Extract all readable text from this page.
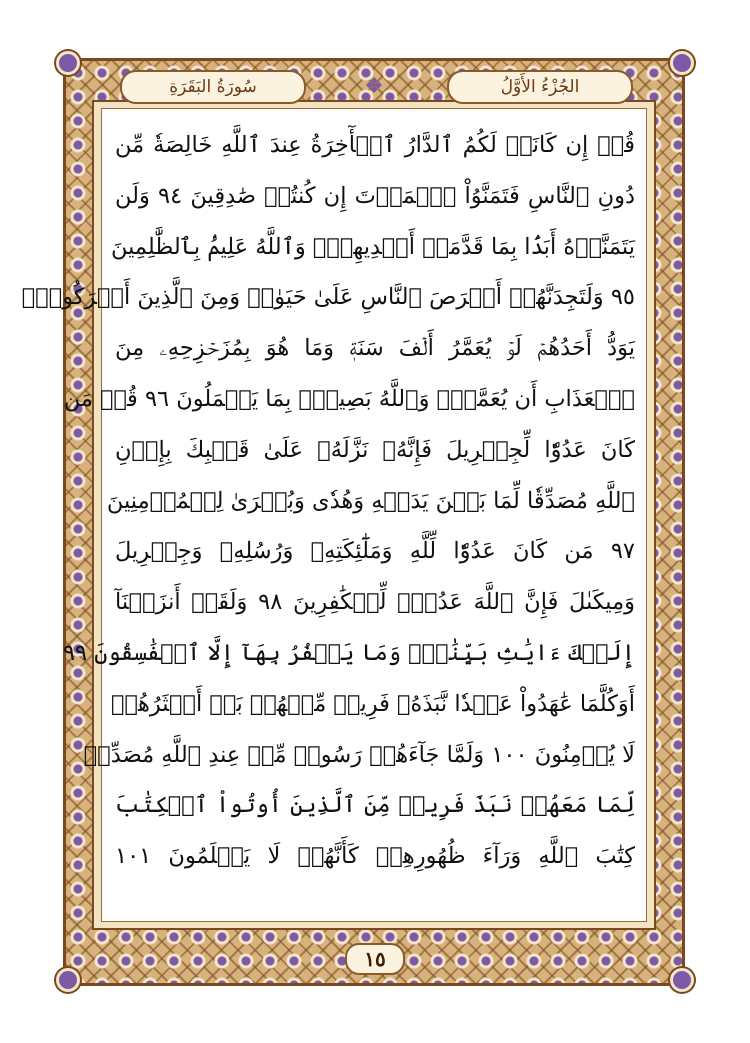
الجُزْءُ الأَوَّلُ
❖
سُورَةُ البَقَرَةِ
قُلۡ إِن كَانَتۡ لَكُمُ ٱلدَّارُ ٱلۡأٓخِرَةُ عِندَ ٱللَّهِ خَالِصَةٗ مِّن
دُونِ ٱلنَّاسِ فَتَمَنَّوُاْ ٱلۡمَوۡتَ إِن كُنتُمۡ صَٰدِقِينَ ٩٤ وَلَن
يَتَمَنَّوۡهُ أَبَدَۢا بِمَا قَدَّمَتۡ أَيۡدِيهِمۡۚ وَٱللَّهُ عَلِيمُۢ بِٱلظَّٰلِمِينَ
٩٥ وَلَتَجِدَنَّهُمۡ أَحۡرَصَ ٱلنَّاسِ عَلَىٰ حَيَوٰةٖ وَمِنَ ٱلَّذِينَ أَشۡرَكُواْۚ
يَوَدُّ أَحَدُهُمۡ لَوۡ يُعَمَّرُ أَلۡفَ سَنَةٖ وَمَا هُوَ بِمُزَحۡزِحِهِۦ مِنَ
ٱلۡعَذَابِ أَن يُعَمَّرَۗ وَٱللَّهُ بَصِيرُۢ بِمَا يَعۡمَلُونَ ٩٦ قُلۡ مَن
كَانَ عَدُوّٗا لِّجِبۡرِيلَ فَإِنَّهُۥ نَزَّلَهُۥ عَلَىٰ قَلۡبِكَ بِإِذۡنِ
ٱللَّهِ مُصَدِّقٗا لِّمَا بَيۡنَ يَدَيۡهِ وَهُدٗى وَبُشۡرَىٰ لِلۡمُؤۡمِنِينَ
٩٧ مَن كَانَ عَدُوّٗا لِّلَّهِ وَمَلَٰٓئِكَتِهِۦ وَرُسُلِهِۦ وَجِبۡرِيلَ
وَمِيكَىٰلَ فَإِنَّ ٱللَّهَ عَدُوّٞ لِّلۡكَٰفِرِينَ ٩٨ وَلَقَدۡ أَنزَلۡنَآ
إِلَيۡكَ ءَايَٰتِۢ بَيِّنَٰتٖۖ وَمَا يَكۡفُرُ بِهَآ إِلَّا ٱلۡفَٰسِقُونَ ٩٩
أَوَكُلَّمَا عَٰهَدُواْ عَهۡدٗا نَّبَذَهُۥ فَرِيقٞ مِّنۡهُمۚ بَلۡ أَكۡثَرُهُمۡ
لَا يُؤۡمِنُونَ ١٠٠ وَلَمَّا جَآءَهُمۡ رَسُولٞ مِّنۡ عِندِ ٱللَّهِ مُصَدِّقٞ
لِّمَا مَعَهُمۡ نَبَذَ فَرِيقٞ مِّنَ ٱلَّذِينَ أُوتُواْ ٱلۡكِتَٰبَ
كِتَٰبَ ٱللَّهِ وَرَآءَ ظُهُورِهِمۡ كَأَنَّهُمۡ لَا يَعۡلَمُونَ ١٠١
١٥
